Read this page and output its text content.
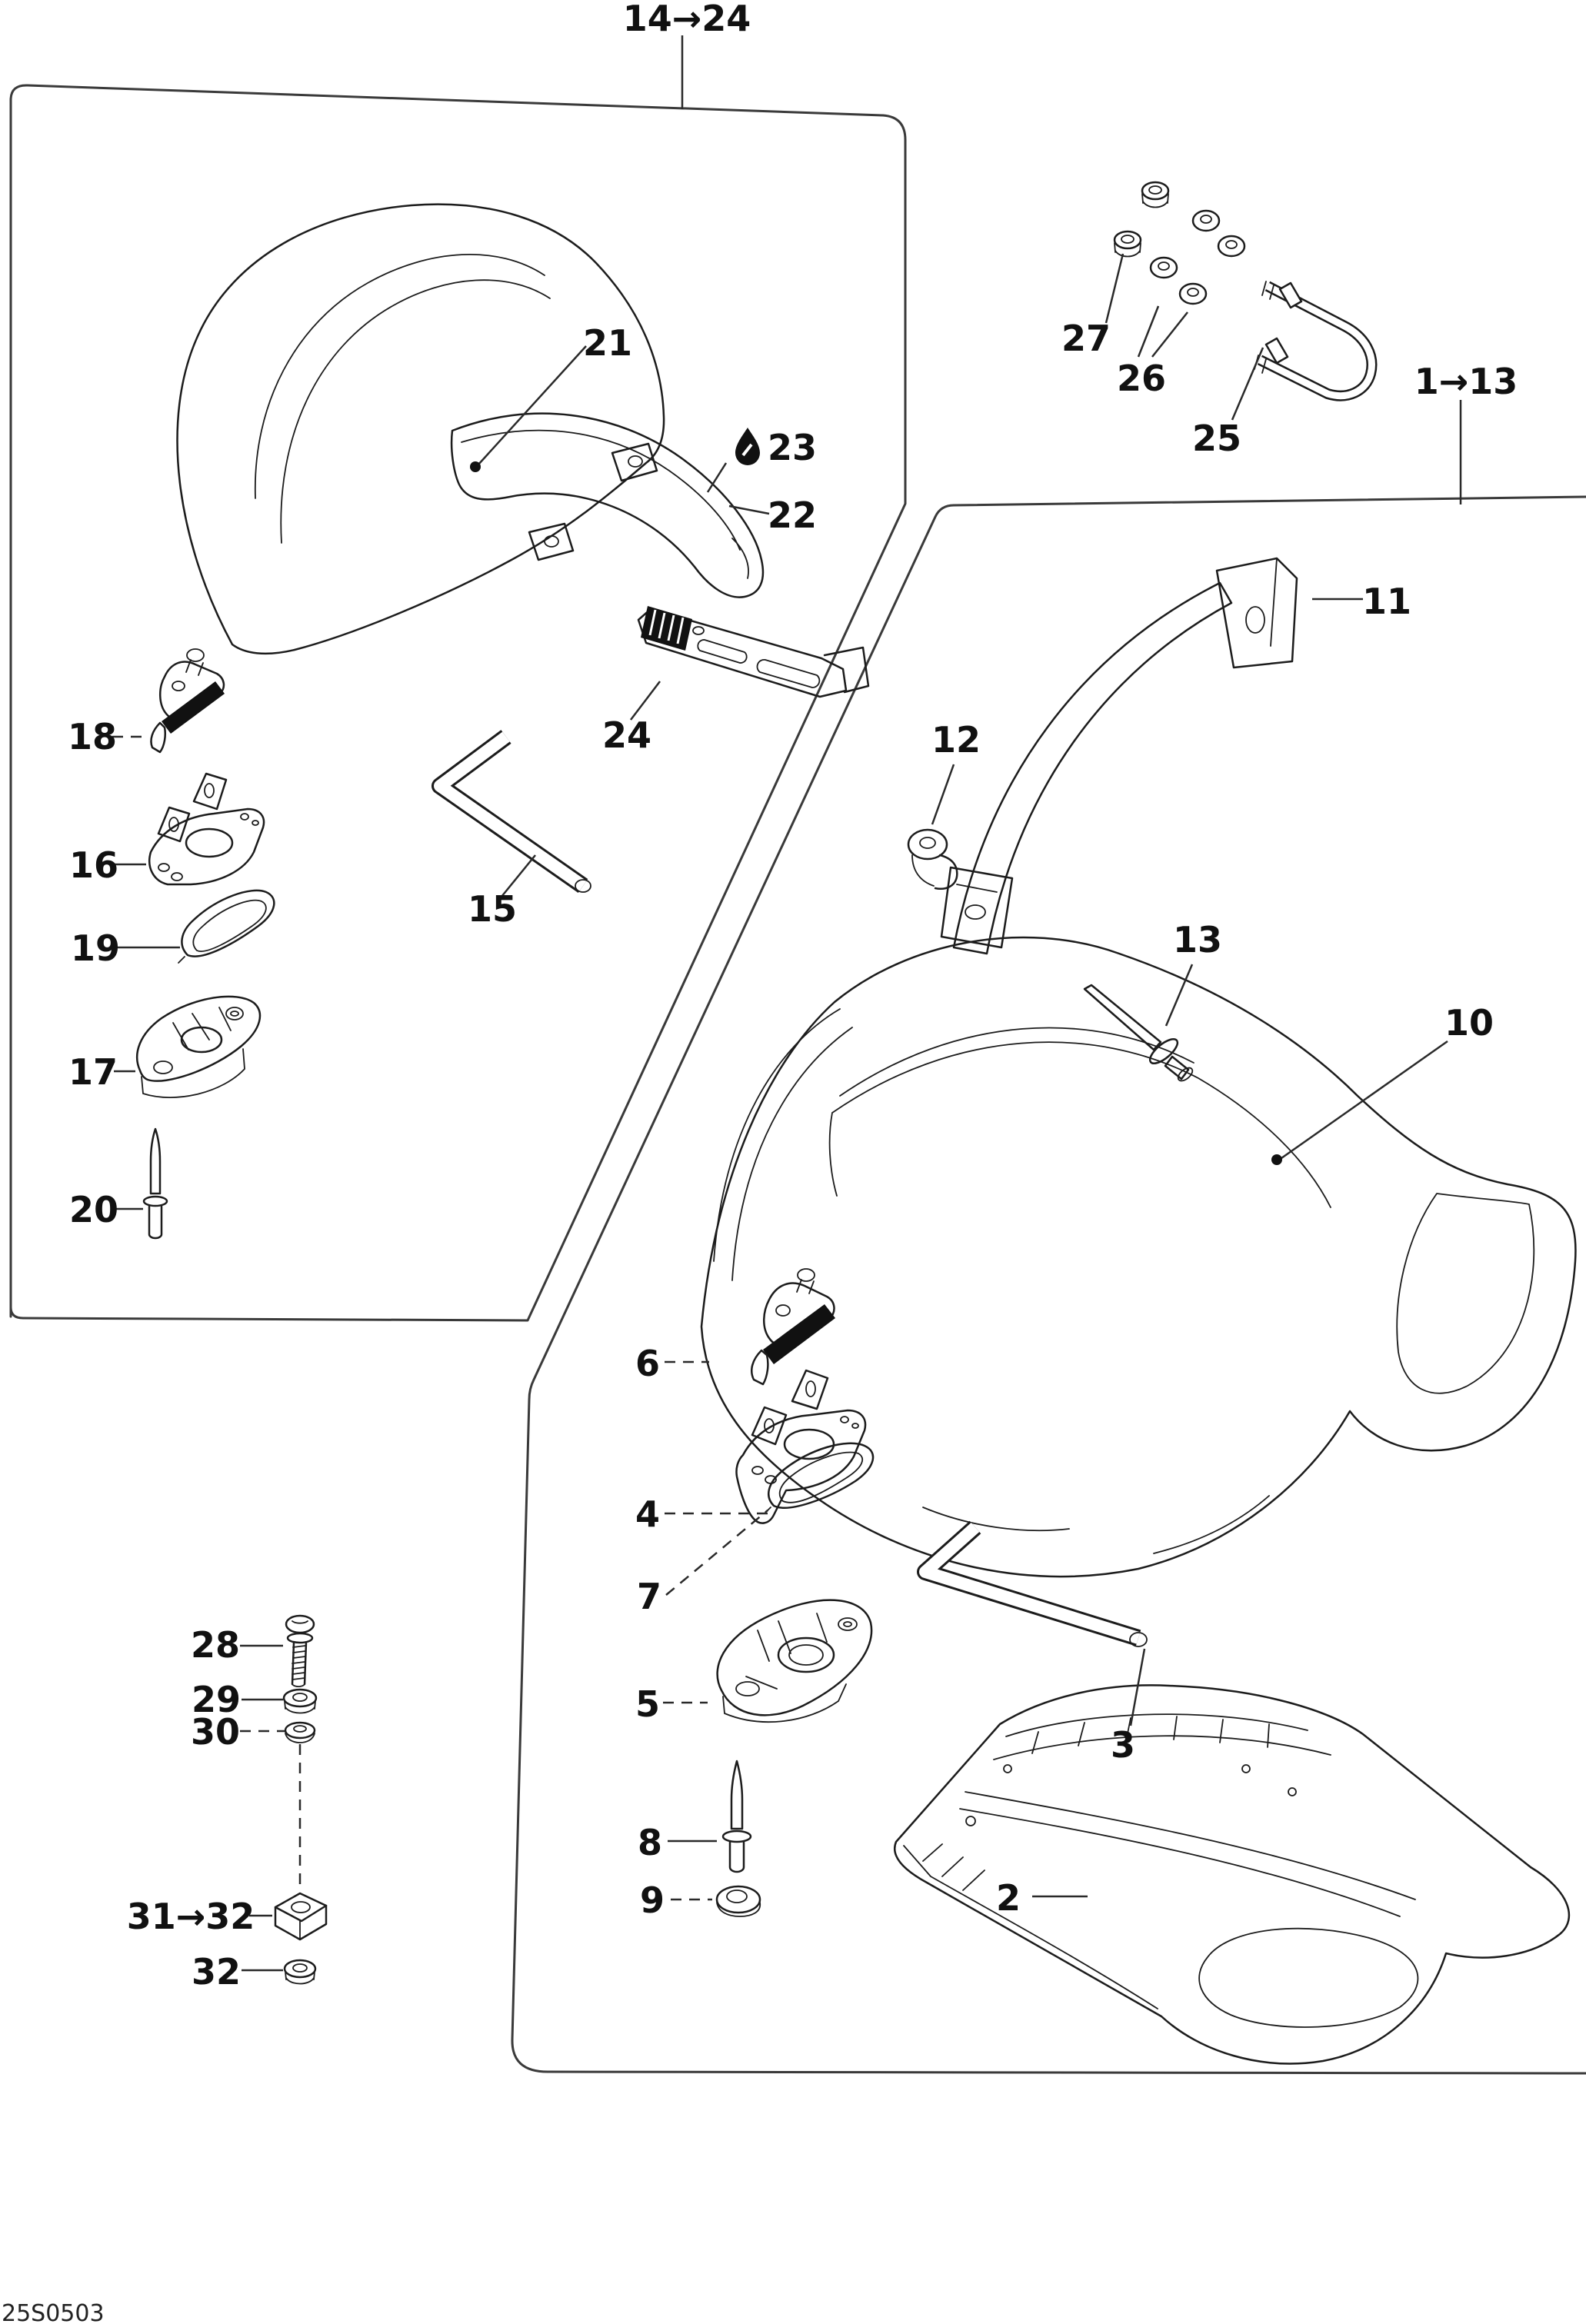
25S0503
14→24
1→13
21
23
22
24
18
16
19
15
17
20
27
26
25
11
12
13
10
6
4
7
5
8
9
3
2
28
29
30
31→32
32
